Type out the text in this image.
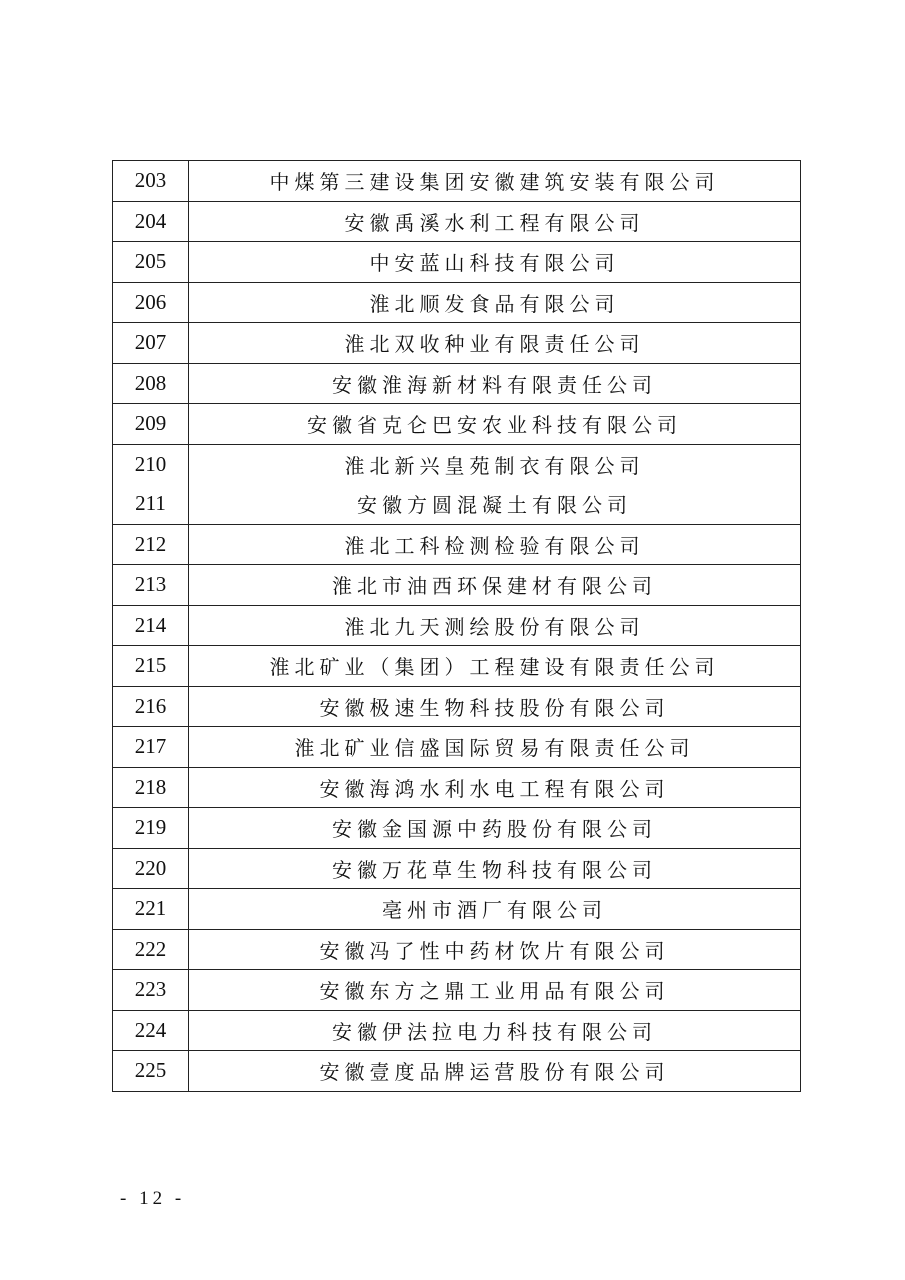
203	中煤第三建设集团安徽建筑安装有限公司
204	安徽禹溪水利工程有限公司
205	中安蓝山科技有限公司
206	淮北顺发食品有限公司
207	淮北双收种业有限责任公司
208	安徽淮海新材料有限责任公司
209	安徽省克仑巴安农业科技有限公司
210	淮北新兴皇苑制衣有限公司
211	安徽方圆混凝土有限公司
212	淮北工科检测检验有限公司
213	淮北市油西环保建材有限公司
214	淮北九天测绘股份有限公司
215	淮北矿业（集团）工程建设有限责任公司
216	安徽极速生物科技股份有限公司
217	淮北矿业信盛国际贸易有限责任公司
218	安徽海鸿水利水电工程有限公司
219	安徽金国源中药股份有限公司
220	安徽万花草生物科技有限公司
221	亳州市酒厂有限公司
222	安徽冯了性中药材饮片有限公司
223	安徽东方之鼎工业用品有限公司
224	安徽伊法拉电力科技有限公司
225	安徽壹度品牌运营股份有限公司
- 12 -
